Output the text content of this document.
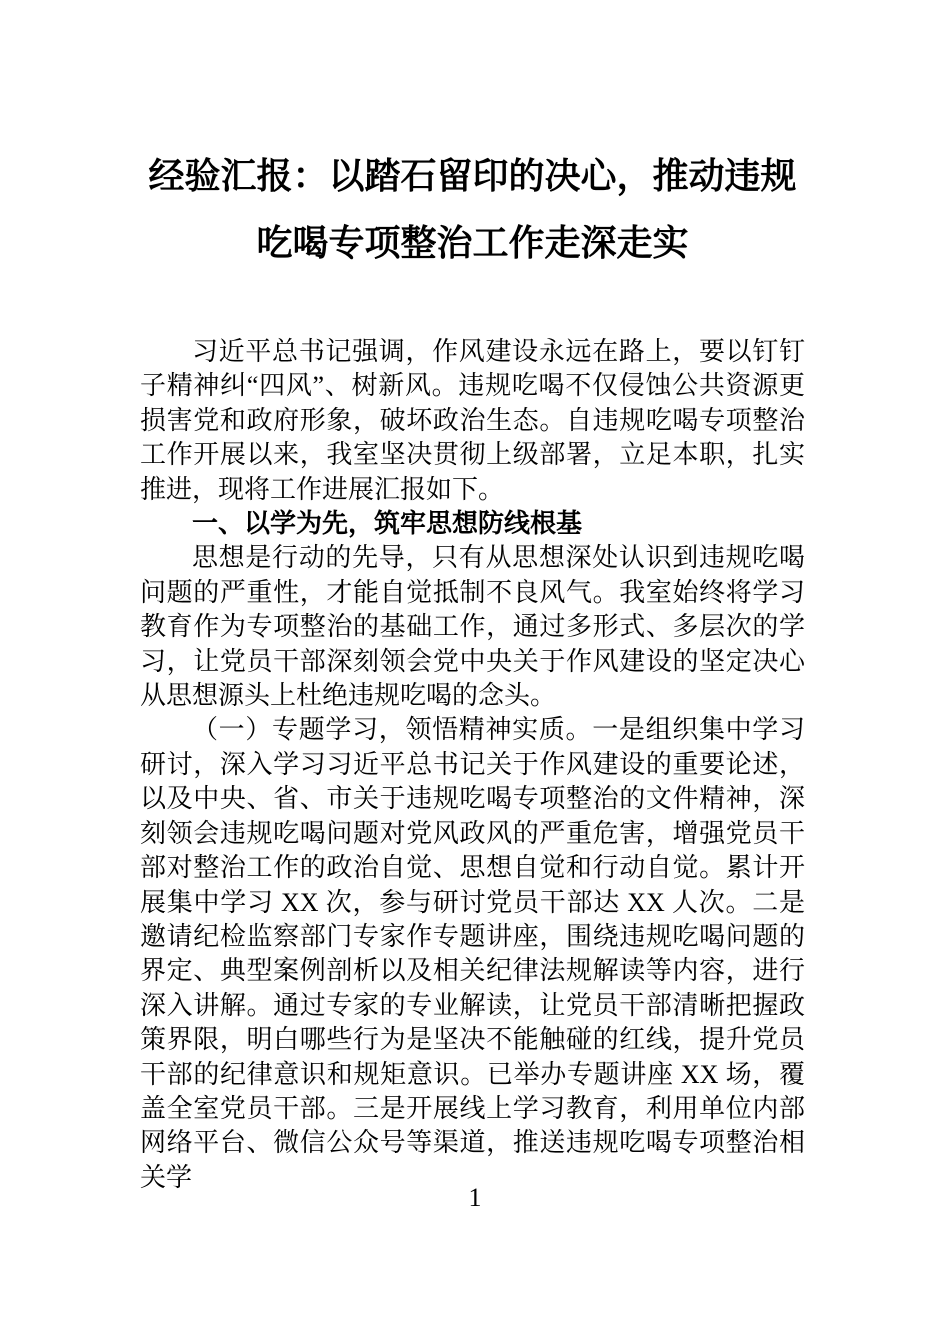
经验汇报：以踏石留印的决心，推动违规吃喝专项整治工作走深走实

习近平总书记强调，作风建设永远在路上，要以钉钉子精神纠“四风”、树新风。违规吃喝不仅侵蚀公共资源更损害党和政府形象，破坏政治生态。自违规吃喝专项整治工作开展以来，我室坚决贯彻上级部署，立足本职，扎实推进，现将工作进展汇报如下。

一、以学为先，筑牢思想防线根基

思想是行动的先导，只有从思想深处认识到违规吃喝问题的严重性，才能自觉抵制不良风气。我室始终将学习教育作为专项整治的基础工作，通过多形式、多层次的学习，让党员干部深刻领会党中央关于作风建设的坚定决心从思想源头上杜绝违规吃喝的念头。

（一）专题学习，领悟精神实质。一是组织集中学习研讨，深入学习习近平总书记关于作风建设的重要论述，以及中央、省、市关于违规吃喝专项整治的文件精神，深刻领会违规吃喝问题对党风政风的严重危害，增强党员干部对整治工作的政治自觉、思想自觉和行动自觉。累计开展集中学习 XX 次，参与研讨党员干部达 XX 人次。二是邀请纪检监察部门专家作专题讲座，围绕违规吃喝问题的界定、典型案例剖析以及相关纪律法规解读等内容，进行深入讲解。通过专家的专业解读，让党员干部清晰把握政策界限，明白哪些行为是坚决不能触碰的红线，提升党员干部的纪律意识和规矩意识。已举办专题讲座 XX 场，覆盖全室党员干部。三是开展线上学习教育，利用单位内部网络平台、微信公众号等渠道，推送违规吃喝专项整治相关学

1
